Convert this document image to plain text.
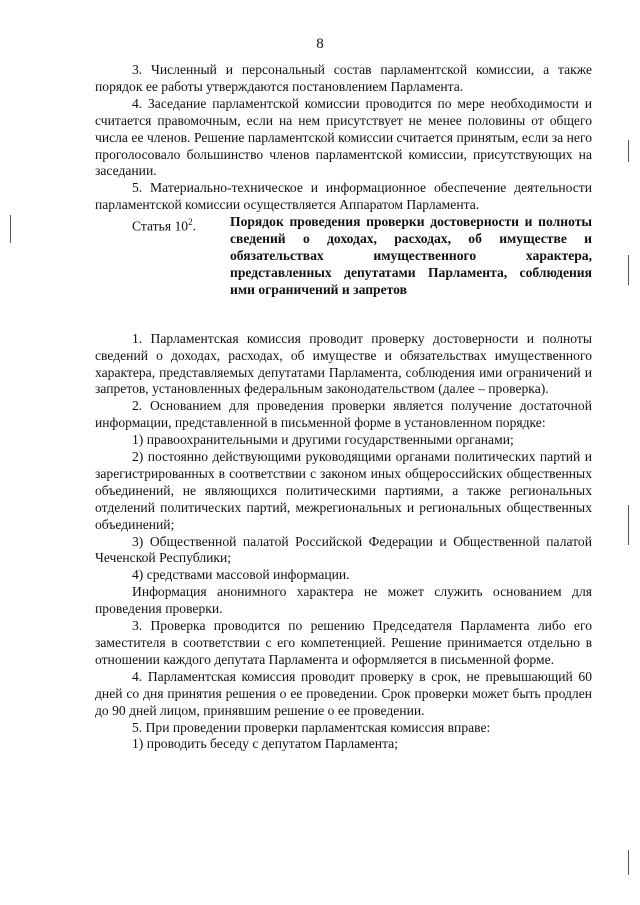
8

3. Численный и персональный состав парламентской комиссии, а также порядок ее работы утверждаются постановлением Парламента.

4. Заседание парламентской комиссии проводится по мере необходимости и считается правомочным, если на нем присутствует не менее половины от общего числа ее членов. Решение парламентской комиссии считается принятым, если за него проголосовало большинство членов парламентской комиссии, присутствующих на заседании.

5. Материально-техническое и информационное обеспечение деятельности парламентской комиссии осуществляется Аппаратом Парламента.

Статья $10^2$.	Порядок проведения проверки достоверности и полноты сведений о доходах, расходах, об имуществе и обязательствах имущественного характера, представленных депутатами Парламента, соблюдения ими ограничений и запретов

1. Парламентская комиссия проводит проверку достоверности и полноты сведений о доходах, расходах, об имуществе и обязательствах имущественного характера, представляемых депутатами Парламента, соблюдения ими ограничений и запретов, установленных федеральным законодательством (далее – проверка).

2. Основанием для проведения проверки является получение достаточной информации, представленной в письменной форме в установленном порядке:

1) правоохранительными и другими государственными органами;

2) постоянно действующими руководящими органами политических партий и зарегистрированных в соответствии с законом иных общероссийских общественных объединений, не являющихся политическими партиями, а также региональных отделений политических партий, межрегиональных и региональных общественных объединений;

3) Общественной палатой Российской Федерации и Общественной палатой Чеченской Республики;

4) средствами массовой информации.

Информация анонимного характера не может служить основанием для проведения проверки.

3. Проверка проводится по решению Председателя Парламента либо его заместителя в соответствии с его компетенцией. Решение принимается отдельно в отношении каждого депутата Парламента и оформляется в письменной форме.

4. Парламентская комиссия проводит проверку в срок, не превышающий 60 дней со дня принятия решения о ее проведении. Срок проверки может быть продлен до 90 дней лицом, принявшим решение о ее проведении.

5. При проведении проверки парламентская комиссия вправе:

1) проводить беседу с депутатом Парламента;
